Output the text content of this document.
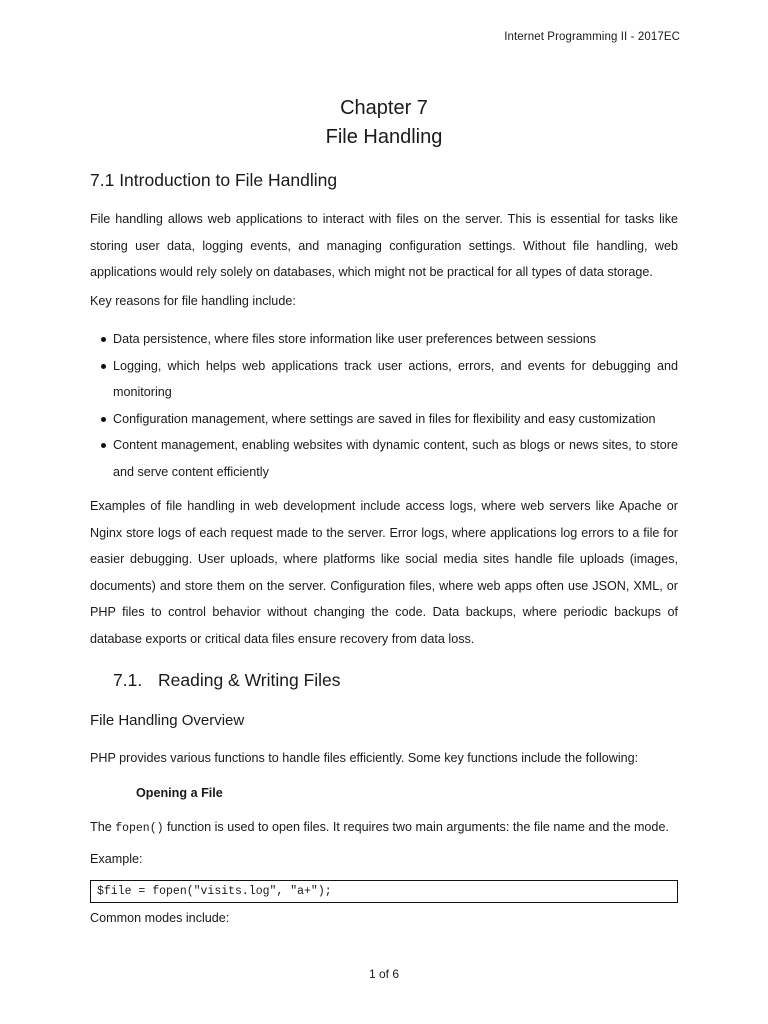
Internet Programming II - 2017EC
Chapter 7
File Handling
7.1 Introduction to File Handling
File handling allows web applications to interact with files on the server. This is essential for tasks like storing user data, logging events, and managing configuration settings. Without file handling, web applications would rely solely on databases, which might not be practical for all types of data storage.
Key reasons for file handling include:
Data persistence, where files store information like user preferences between sessions
Logging, which helps web applications track user actions, errors, and events for debugging and monitoring
Configuration management, where settings are saved in files for flexibility and easy customization
Content management, enabling websites with dynamic content, such as blogs or news sites, to store and serve content efficiently
Examples of file handling in web development include access logs, where web servers like Apache or Nginx store logs of each request made to the server. Error logs, where applications log errors to a file for easier debugging. User uploads, where platforms like social media sites handle file uploads (images, documents) and store them on the server. Configuration files, where web apps often use JSON, XML, or PHP files to control behavior without changing the code. Data backups, where periodic backups of database exports or critical data files ensure recovery from data loss.
7.1. Reading & Writing Files
File Handling Overview
PHP provides various functions to handle files efficiently. Some key functions include the following:
Opening a File
The fopen() function is used to open files. It requires two main arguments: the file name and the mode.
Example:
$file = fopen("visits.log", "a+");
Common modes include:
1 of 6
